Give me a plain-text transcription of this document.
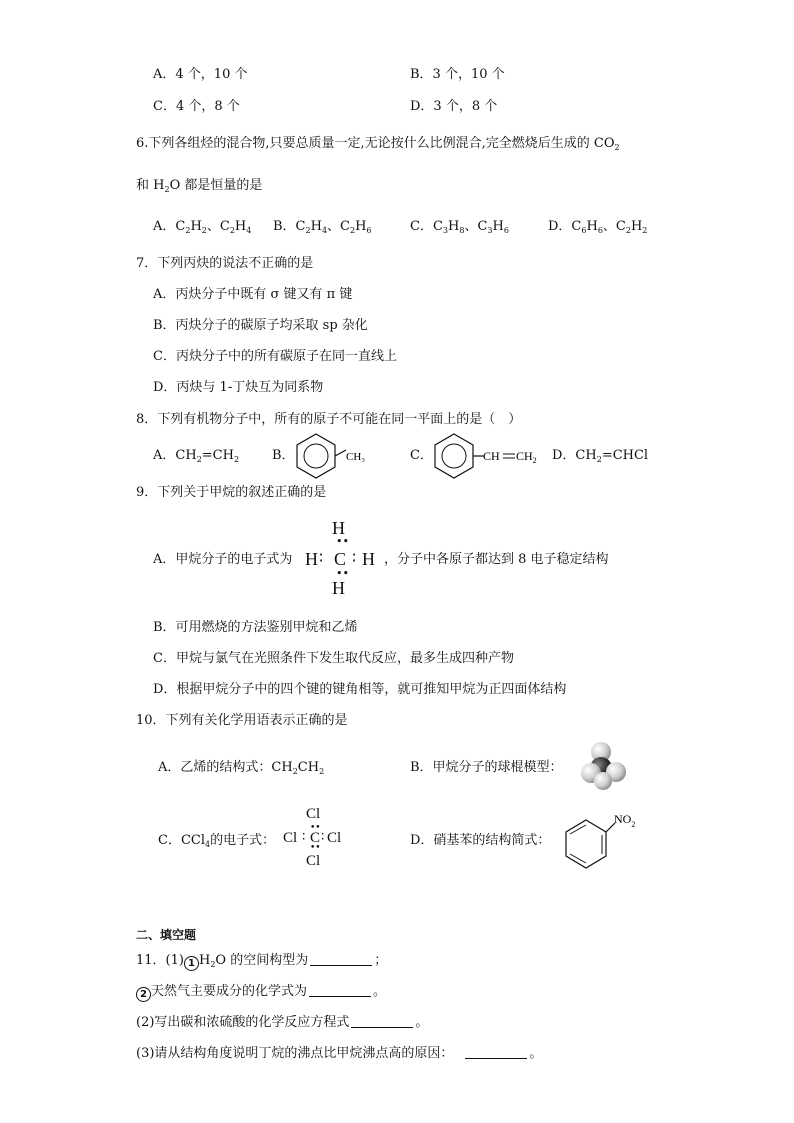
A．4 个，10 个	B．3 个，10 个
C．4 个，8 个	D．3 个，8 个
6.下列各组烃的混合物,只要总质量一定,无论按什么比例混合,完全燃烧后生成的 $CO_2$
和 $H_2O$ 都是恒量的是
A．$C_2H_2$、$C_2H_4$ B．$C_2H_4$、$C_2H_6$	C．$C_3H_8$、$C_3H_6$	D．$C_6H_6$、$C_2H_2$
7．下列丙炔的说法不正确的是
A．丙炔分子中既有 σ 键又有 π 键
B．丙炔分子的碳原子均采取 sp 杂化
C．丙炔分子中的所有碳原子在同一直线上
D．丙炔与 1-丁炔互为同系物
8．下列有机物分子中，所有的原子不可能在同一平面上的是（　）
A．$CH_2=CH_2$	B．	CH₃	C．	CH $CH_2$ D．$CH_2=CHCl$
9．下列关于甲烷的叙述正确的是
A．甲烷分子的电子式为
H
••
H ∶ C ∶ H
••
H
，分子中各原子都达到 8 电子稳定结构
B．可用燃烧的方法鉴别甲烷和乙烯
C．甲烷与氯气在光照条件下发生取代反应，最多生成四种产物
D．根据甲烷分子中的四个键的键角相等，就可推知甲烷为正四面体结构
10．下列有关化学用语表示正确的是
A．乙烯的结构式：$CH_2CH_2$	B．甲烷分子的球棍模型：
C．CCl$_4$的电子式：
Cl
Cl ∶ C
••
••
∶ Cl
Cl
D．硝基苯的结构简式：
$NO_2$
二、填空题
11．(1) 1 $H_2O$ 的空间构型为	；
2 天然气主要成分的化学式为	。
(2)写出碳和浓硫酸的化学反应方程式	。
(3)请从结构角度说明丁烷的沸点比甲烷沸点高的原因：	。
